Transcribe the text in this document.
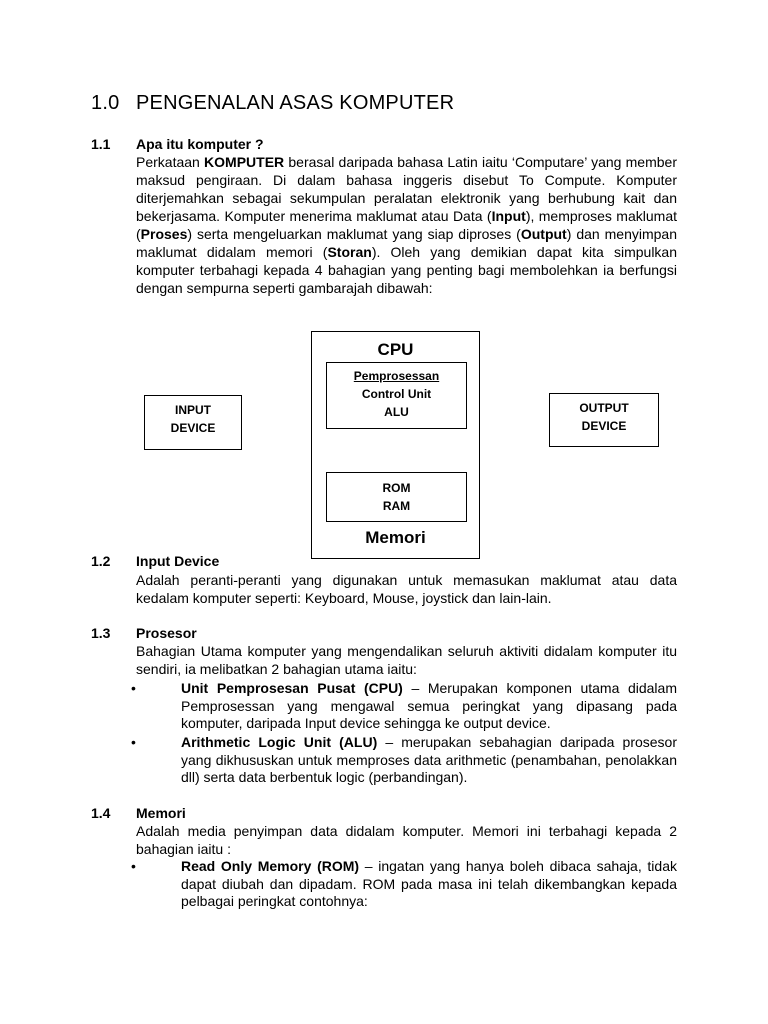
1.0 PENGENALAN ASAS KOMPUTER
1.1 Apa itu komputer ?
Perkataan KOMPUTER berasal daripada bahasa Latin iaitu ‘Computare’ yang member maksud pengiraan. Di dalam bahasa inggeris disebut To Compute. Komputer diterjemahkan sebagai sekumpulan peralatan elektronik yang berhubung kait dan bekerjasama. Komputer menerima maklumat atau Data (Input), memproses maklumat (Proses) serta mengeluarkan maklumat yang siap diproses (Output) dan menyimpan maklumat didalam memori (Storan). Oleh yang demikian dapat kita simpulkan komputer terbahagi kepada 4 bahagian yang penting bagi membolehkan ia berfungsi dengan sempurna seperti gambarajah dibawah:
CPU
Pemprosessan
Control Unit
ALU
ROM
RAM
Memori
INPUT
DEVICE
OUTPUT
DEVICE
1.2 Input Device
Adalah peranti-peranti yang digunakan untuk memasukan maklumat atau data kedalam komputer seperti: Keyboard, Mouse, joystick dan lain-lain.
1.3 Prosesor
Bahagian Utama komputer yang mengendalikan seluruh aktiviti didalam komputer itu sendiri, ia melibatkan 2 bahagian utama iaitu:
•	Unit Pemprosesan Pusat (CPU) – Merupakan komponen utama didalam Pemprosessan yang mengawal semua peringkat yang dipasang pada komputer, daripada Input device sehingga ke output device.
•	Arithmetic Logic Unit (ALU) – merupakan sebahagian daripada prosesor yang dikhususkan untuk memproses data arithmetic (penambahan, penolakkan dll) serta data berbentuk logic (perbandingan).
1.4 Memori
Adalah media penyimpan data didalam komputer. Memori ini terbahagi kepada 2 bahagian iaitu :
•	Read Only Memory (ROM) – ingatan yang hanya boleh dibaca sahaja, tidak dapat diubah dan dipadam. ROM pada masa ini telah dikembangkan kepada pelbagai peringkat contohnya:
